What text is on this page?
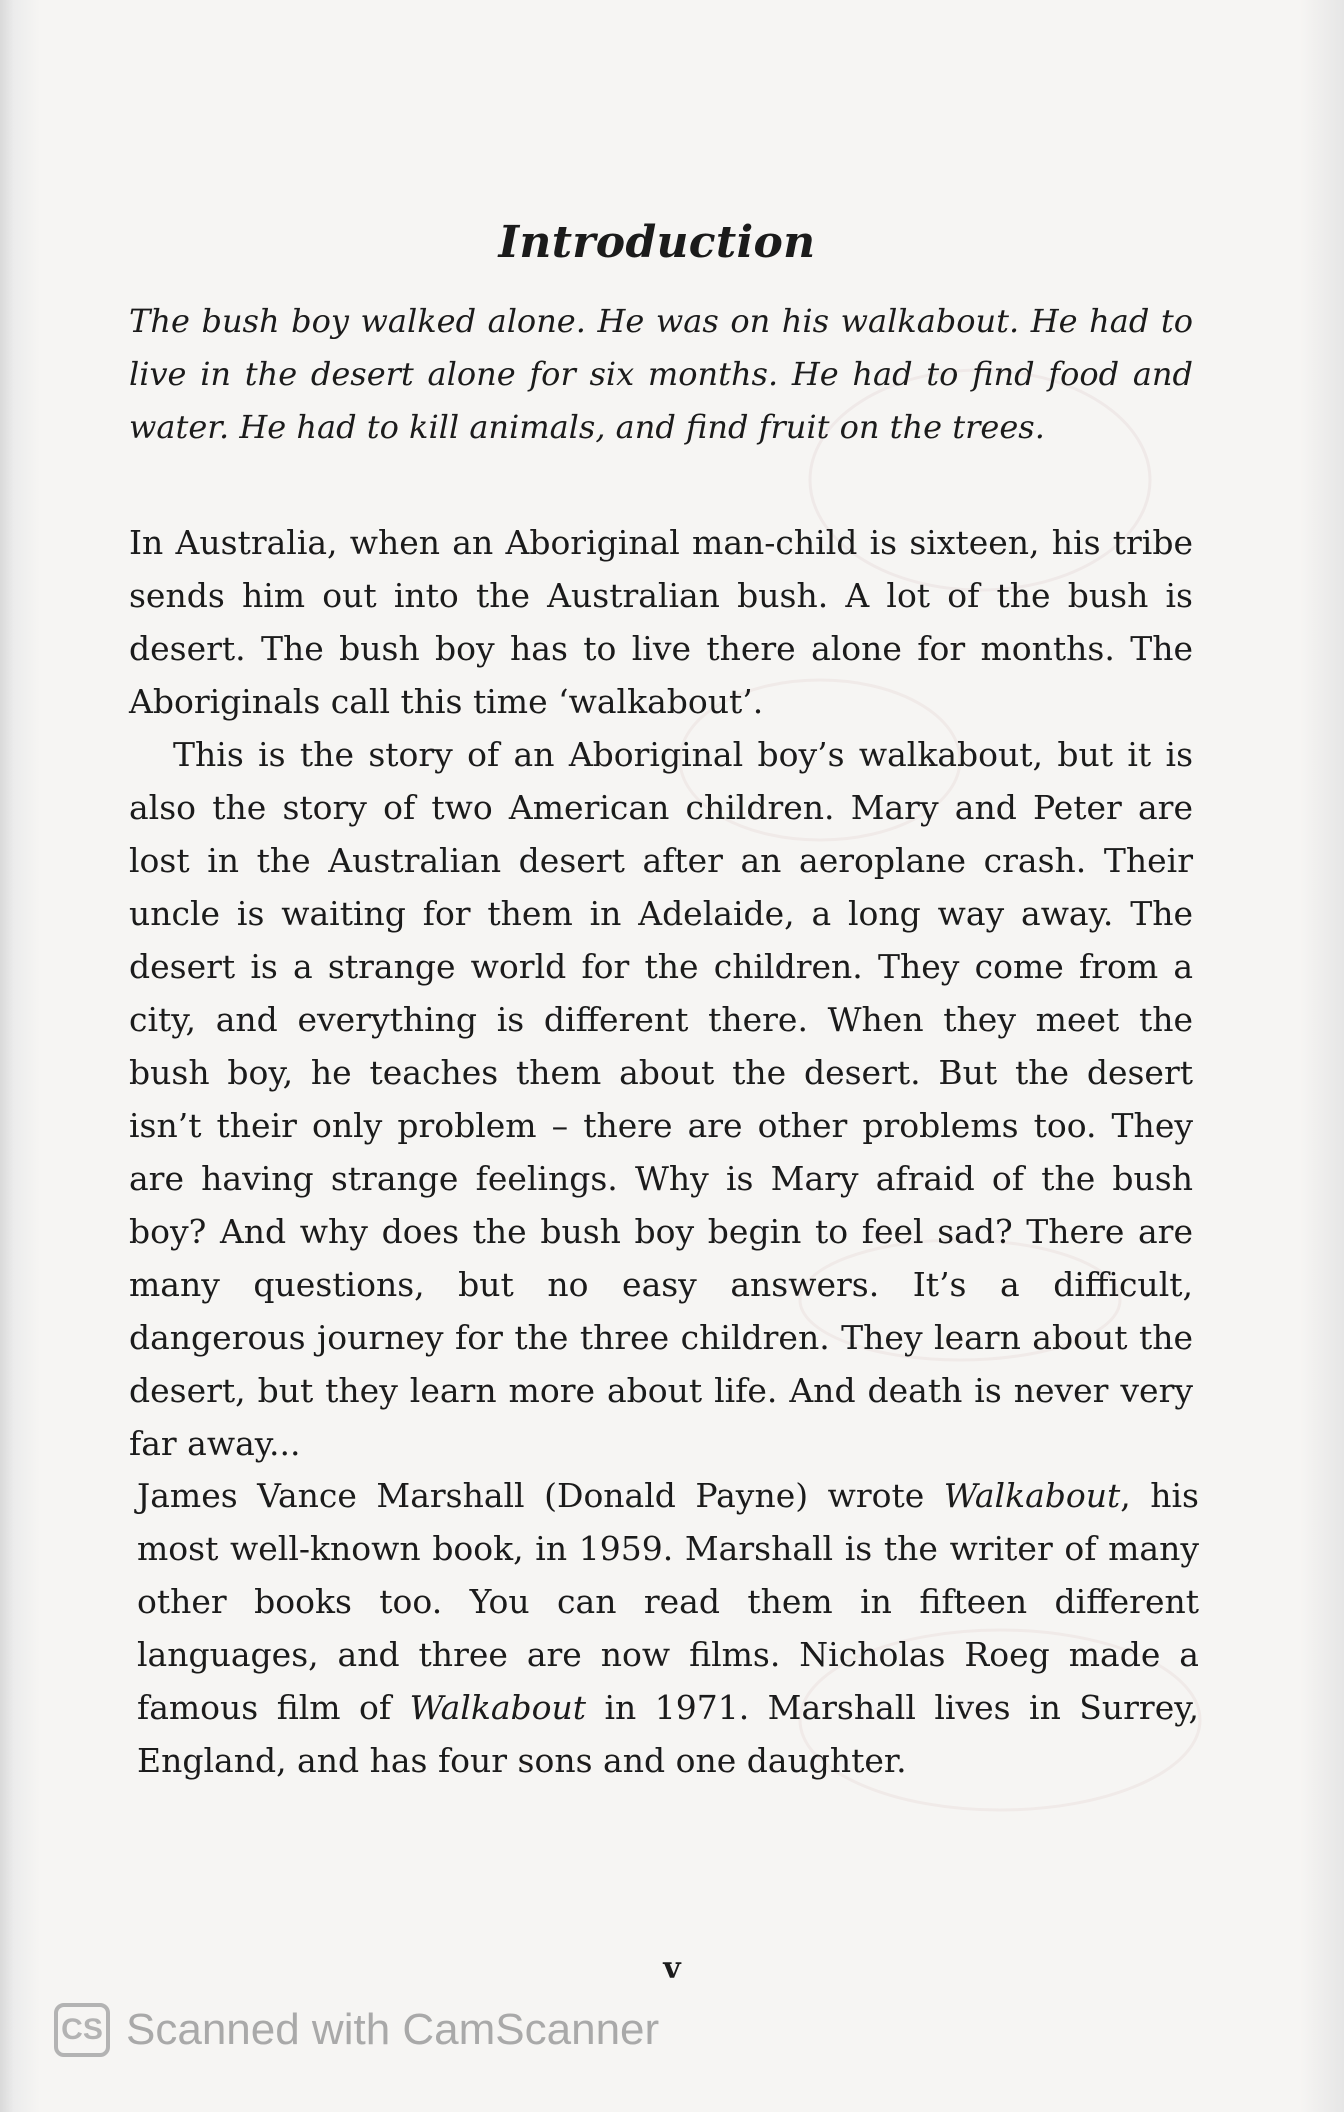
Introduction
The bush boy walked alone. He was on his walkabout. He had to live in the desert alone for six months. He had to find food and water. He had to kill animals, and find fruit on the trees.

In Australia, when an Aboriginal man-child is sixteen, his tribe sends him out into the Australian bush. A lot of the bush is desert. The bush boy has to live there alone for months. The Aboriginals call this time ‘walkabout’.

This is the story of an Aboriginal boy’s walkabout, but it is also the story of two American children. Mary and Peter are lost in the Australian desert after an aeroplane crash. Their uncle is waiting for them in Adelaide, a long way away. The desert is a strange world for the children. They come from a city, and everything is different there. When they meet the bush boy, he teaches them about the desert. But the desert isn’t their only problem – there are other problems too. They are having strange feelings. Why is Mary afraid of the bush boy? And why does the bush boy begin to feel sad? There are many questions, but no easy answers. It’s a difficult, dangerous journey for the three children. They learn about the desert, but they learn more about life. And death is never very far away...

James Vance Marshall (Donald Payne) wrote Walkabout, his most well-known book, in 1959. Marshall is the writer of many other books too. You can read them in fifteen different languages, and three are now films. Nicholas Roeg made a famous film of Walkabout in 1971. Marshall lives in Surrey, England, and has four sons and one daughter.

v
CS Scanned with CamScanner
